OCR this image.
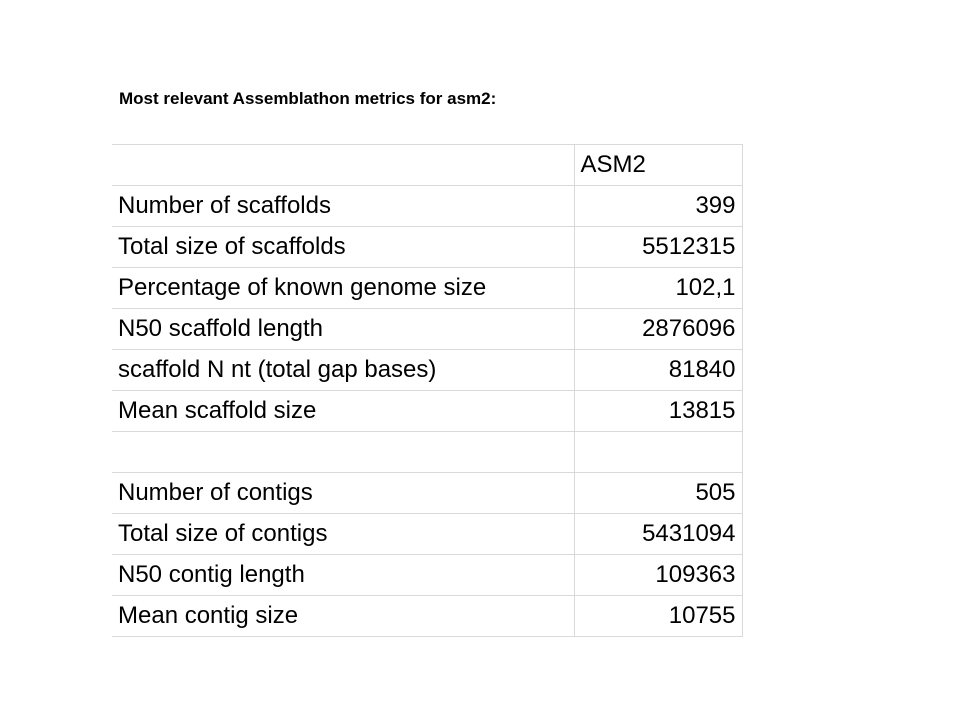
Most relevant Assemblathon metrics for asm2:
	ASM2	
Number of scaffolds	399	
Total size of scaffolds	5512315	
Percentage of known genome size	102,1	
N50 scaffold length	2876096	
scaffold N nt (total gap bases)	81840	
Mean scaffold size	13815	

Number of contigs	505	
Total size of contigs	5431094	
N50 contig length	109363	
Mean contig size	10755	
